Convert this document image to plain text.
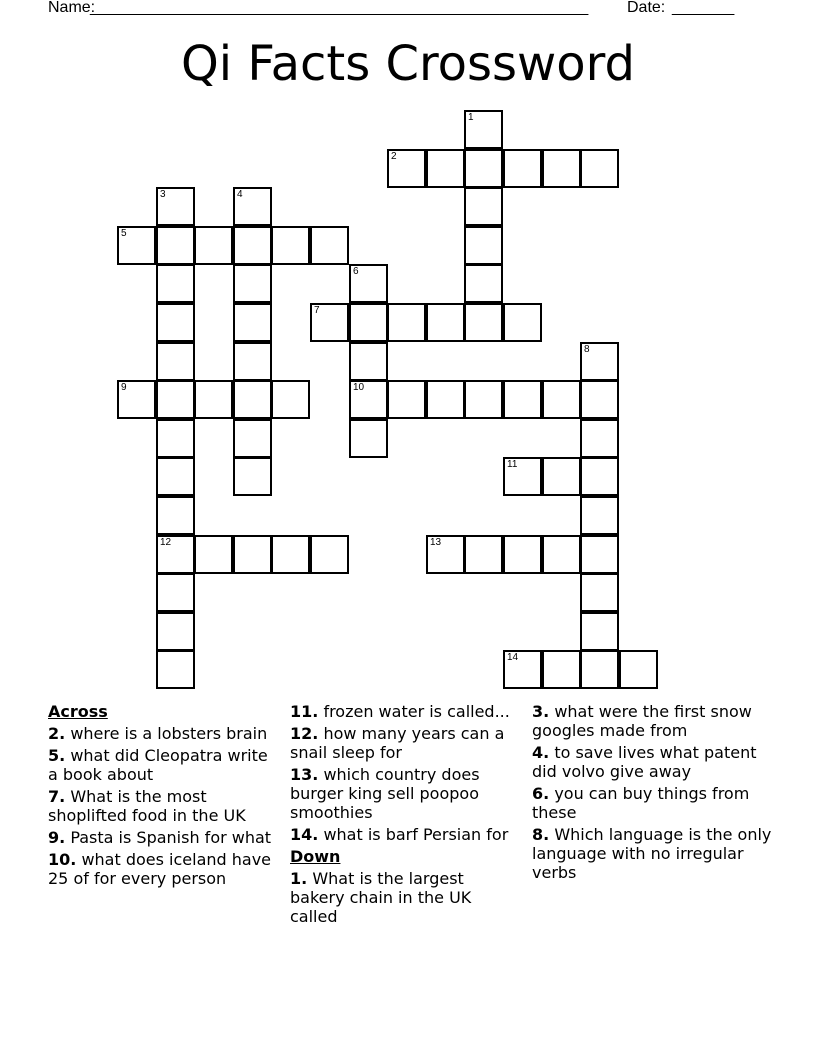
Name:
________________________________________________________ Date: _______
Qi Facts Crossword
1
2
3
12
4
5
6
10
7
8
9
11
13
14
Across
2. where is a lobsters brain
5. what did Cleopatra write a book about
7. What is the most shoplifted food in the UK
9. Pasta is Spanish for what
10. what does iceland have 25 of for every person
11. frozen water is called...
12. how many years can a snail sleep for
13. which country does burger king sell poopoo smoothies
14. what is barf Persian for
Down
1. What is the largest bakery chain in the UK called
3. what were the first snow googles made from
4. to save lives what patent did volvo give away
6. you can buy things from these
8. Which language is the only language with no irregular verbs
